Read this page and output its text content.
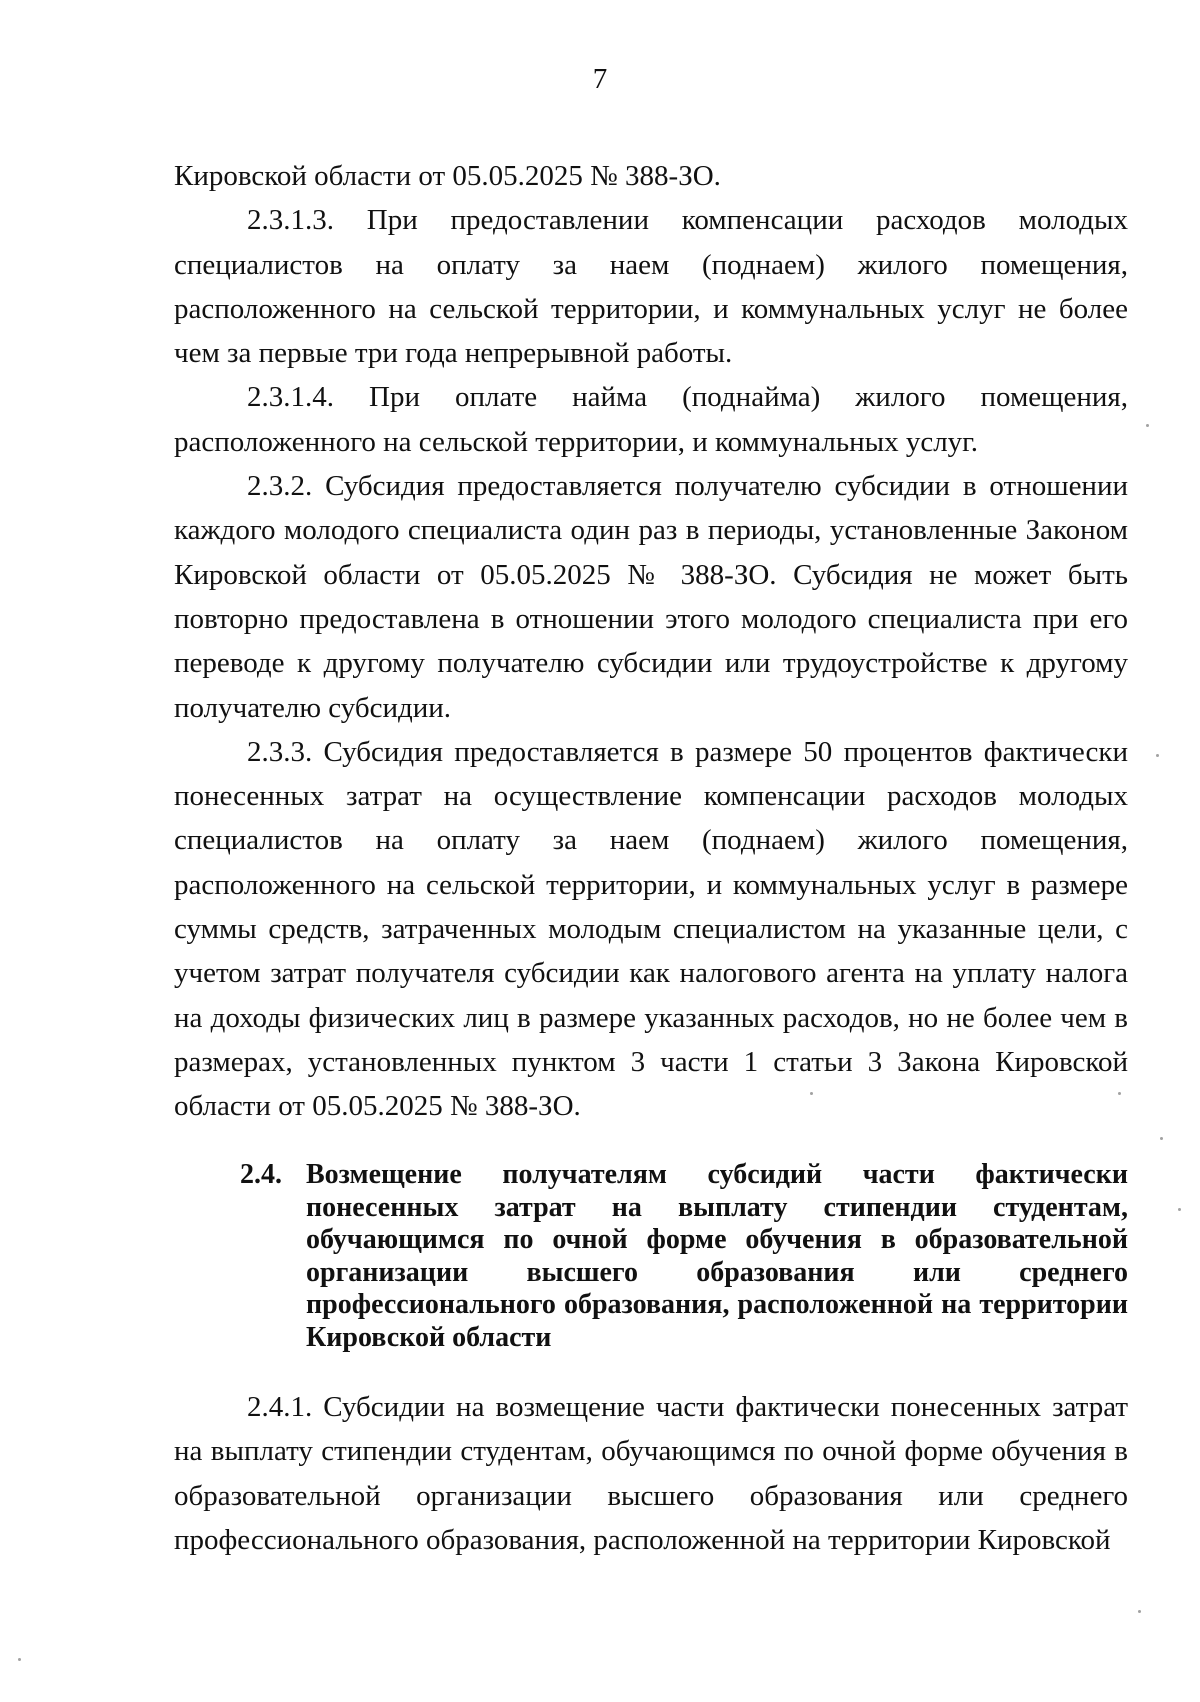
7

Кировской области от 05.05.2025 № 388-ЗО.

2.3.1.3. При предоставлении компенсации расходов молодых специалистов на оплату за наем (поднаем) жилого помещения, расположенного на сельской территории, и коммунальных услуг не более чем за первые три года непрерывной работы.

2.3.1.4. При оплате найма (поднайма) жилого помещения, расположенного на сельской территории, и коммунальных услуг.

2.3.2. Субсидия предоставляется получателю субсидии в отношении каждого молодого специалиста один раз в периоды, установленные Законом Кировской области от 05.05.2025 № 388-ЗО. Субсидия не может быть повторно предоставлена в отношении этого молодого специалиста при его переводе к другому получателю субсидии или трудоустройстве к другому получателю субсидии.

2.3.3. Субсидия предоставляется в размере 50 процентов фактически понесенных затрат на осуществление компенсации расходов молодых специалистов на оплату за наем (поднаем) жилого помещения, расположенного на сельской территории, и коммунальных услуг в размере суммы средств, затраченных молодым специалистом на указанные цели, с учетом затрат получателя субсидии как налогового агента на уплату налога на доходы физических лиц в размере указанных расходов, но не более чем в размерах, установленных пунктом 3 части 1 статьи 3 Закона Кировской области от 05.05.2025 № 388-ЗО.

2.4. Возмещение получателям субсидий части фактически понесенных затрат на выплату стипендии студентам, обучающимся по очной форме обучения в образовательной организации высшего образования или среднего профессионального образования, расположенной на территории Кировской области

2.4.1. Субсидии на возмещение части фактически понесенных затрат на выплату стипендии студентам, обучающимся по очной форме обучения в образовательной организации высшего образования или среднего профессионального образования, расположенной на территории Кировской
